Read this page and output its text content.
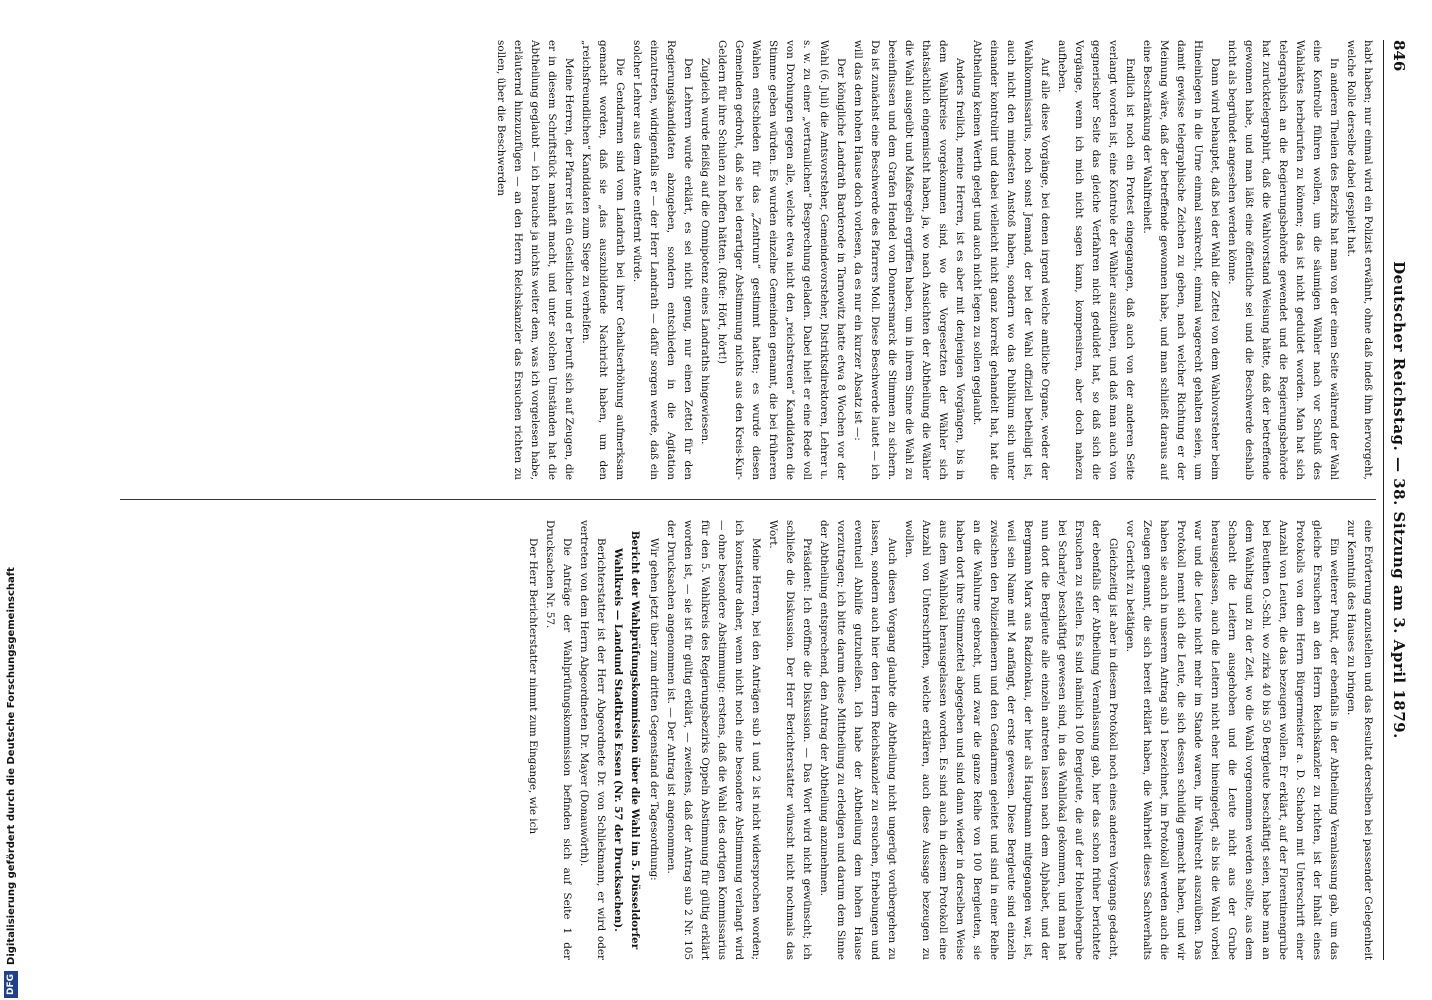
846
Deutscher Reichstag. — 38. Sitzung am 3. April 1879.

habt haben; nur einmal wird ein Polizist erwähnt, ohne daß indeß ihm hervorgeht, welche Rolle derselbe dabei gespielt hat.

In anderen Theilen des Bezirks hat man von der einen Seite während der Wahl eine Kontrolle führen wollen, um die säumigen Wähler nach vor Schluß des Wahlaktes herbeirufen zu können; das ist nicht geduldet worden. Man hat sich telegraphisch an die Regierungsbehörde gewendet und die Regierungsbehörde hat zurücktelegraphirt, daß die Wahlvorstand Weisung hätte, daß der betreffende gewonnen habe, und man läßt eine öffentliche sei und die Beschwerde deshalb nicht als begründet angesehen werden könne.

Dann wird behauptet, daß bei der Wahl die Zettel von dem Wahlvorsteher beim Hineinlegen in die Urne einmal senkrecht, einmal wagerecht gehalten seien, um damit gewisse telegraphische Zeichen zu geben, nach welcher Richtung er der Meinung wäre, daß der betreffende gewonnen habe, und man schließt daraus auf eine Beschränkung der Wahlfreiheit.

Endlich ist noch ein Protest eingegangen, daß auch von der anderen Seite verlangt worden ist, eine Kontrole der Wähler auszuüben, und daß man auch von gegnerischer Seite das gleiche Verfahren nicht geduldet hat, so daß sich die Vorgänge, wenn ich mich nicht sagen kann, kompensiren, aber doch nahezu aufheben.

Auf alle diese Vorgänge, bei denen irgend welche amtliche Organe, weder der Wahlkommissarius, noch sonst Jemand, der bei der Wahl offiziell betheiligt ist, auch nicht den mindesten Anstoß haben, sondern wo das Publikum sich unter einander kontrolirt und dabei vielleicht nicht ganz korrekt gehandelt hat, hat die Abtheilung keinen Werth gelegt und auch nicht legen zu sollen geglaubt.

Anders freilich, meine Herren, ist es aber mit denjenigen Vorgängen, bis in dem Wahlkreise vorgekommen sind, wo die Vorgesetzten der Wähler sich thatsächlich eingemischt haben, ja, wo nach Ansichten der Abtheilung die Wähler die Wahl ausgeübt und Maßregeln ergriffen haben, um in ihrem Sinne die Wahl zu beeinflussen und dem Grafen Hendel von Donnersmarck die Stimmen zu sichern. Da ist zunächst eine Beschwerde des Pfarrers Moll. Diese Beschwerde lautet — ich will das dem hohen Hause doch vorlesen, da es nur ein kurzer Absatz ist —:

Der königliche Landrath Barderode in Tarnowitz hatte etwa 8 Wochen vor der Wahl (6. Juli) die Amtsvorsteher, Gemeindevorsteher, Distriktsdirektoren, Lehrer u. s. w. zu einer „vertraulichen“ Besprechung geladen. Dabei hielt er eine Rede voll von Drohungen gegen alle, welche etwa nicht den „reichstreuen“ Kandidaten die Stimme geben würden. Es wurden einzelne Gemeinden genannt, die bei früheren Wahlen entschieden für das „Zentrum“ gestimmt hatten; es wurde diesen Gemeinden gedroht, daß sie bei derartiger Abstimmung nichts aus den Kreis-Kur-Geldern für ihre Schulen zu hoffen hätten. (Rufe: Hört, hört!)

Zugleich wurde fleißig auf die Omnipotenz eines Landraths hingewiesen.

Den Lehrern wurde erklärt, es sei nicht genug, nur einen Zettel für den Regierungskandidaten abzugeben, sondern entschieden in die Agitation einzutreten, widrigenfalls er — der Herr Landrath — dafür sorgen werde, daß ein solcher Lehrer aus dem Amte entfernt würde.

Die Gendarmen sind vom Landrath bei ihrer Gehaltserhöhung aufmerksam gemacht worden, daß sie „das auszubildende Nachricht haben, um den „reichsfreundlichen“ Kandidaten zum Siege zu verhelfen.

Meine Herren, der Pfarrer ist ein Geistlicher und er beruft sich auf Zeugen, die er in diesem Schriftstück namhaft macht, und unter solchen Umständen hat die Abtheilung geglaubt — ich brauche ja nichts weiter dem, was ich vorgelesen habe, erläuternd hinzuzufügen — an den Herrn Reichskanzler das Ersuchen richten zu sollen, über die Beschwerden

eine Erörterung anzustellen und das Resultat derselben bei passender Gelegenheit zur Kenntniß des Hauses zu bringen.

Ein weiterer Punkt, der ebenfalls in der Abtheilung Veranlassung gab, um das gleiche Ersuchen an den Herrn Reichskanzler zu richten, ist der Inhalt eines Protokolls von dem Herrn Bürgermeister a. D. Schabon mit Unterschrift einer Anzahl von Leuten, die das bezeugen wollen. Er erklärt, auf der Florentinengrube bei Beuthen O.-Schl. wo zirka 40 bis 50 Bergleute beschäftigt seien, habe man an dem Wahltag und zu der Zeit, wo die Wahl vorgenommen werden sollte, aus dem Schacht die Leitern ausgehoben und die Leute nicht aus der Grube herausgelassen, auch die Leitern nicht eher hineingelegt, als bis die Wahl vorbei war und die Leute nicht mehr im Stande waren, ihr Wahlrecht auszuüben. Das Protokoll nennt sich die Leute, die sich dessen schuldig gemacht haben, und wir haben sie auch in unserem Antrag sub 1 bezeichnet, im Protokoll werden auch die Zeugen genannt, die sich bereit erklärt haben, die Wahrheit dieses Sachverhalts vor Gericht zu betätigen.

Gleichzeitig ist aber in diesem Protokoll noch eines anderen Vorgangs gedacht, der ebenfalls der Abtheilung Veranlassung gab, hier das schon früher berichtete Ersuchen zu stellen. Es sind nämlich 100 Bergleute, die auf der Hohenlohegrube bei Scharley beschäftigt gewesen sind, in das Wahllokal gekommen, und man hat nun dort die Bergleute alle einzeln antreten lassen nach dem Alphabet, und der Bergmann Marx aus Radzionkau, der hier als Hauptmann mitgegangen war, ist, weil sein Name mit M anfängt, der erste gewesen. Diese Bergleute sind einzeln zwischen den Polizeidienern und den Gendarmen geleitet und sind in einer Reihe an die Wahlurne gebracht, und zwar die ganze Reihe von 100 Bergleuten, sie haben dort ihre Stimmzettel abgegeben und sind dann wieder in derselben Weise aus dem Wahllokal herausgelassen worden. Es sind auch in diesem Protokoll eine Anzahl von Unterschriften, welche erklären, auch diese Aussage bezeugen zu wollen.

Auch diesen Vorgang glaubte die Abtheilung nicht ungerügt vorübergehen zu lassen, sondern auch hier den Herrn Reichskanzler zu ersuchen, Erhebungen und eventuell Abhilfe gutzuheißen. Ich habe der Abtheilung dem hohen Hause vorzutragen; ich bitte darum diese Mittheilung zu erledigen und darum dem Sinne der Abtheilung entsprechend, den Antrag der Abtheilung anzunehmen.

Präsident: Ich eröffne die Diskussion. — Das Wort wird nicht gewünscht; ich schließe die Diskussion. Der Herr Berichterstatter wünscht nicht nochmals das Wort.

Meine Herren, bei den Anträgen sub 1 und 2 ist nicht widersprochen worden; ich konstatire daher, wenn nicht noch eine besondere Abstimmung verlangt wird — ohne besondere Abstimmung: erstens, daß die Wahl des dortigen Kommissarius für den 5. Wahlkreis des Regierungsbezirks Oppeln Abstimmung für gültig erklärt worden ist, — sie ist für gültig erklärt, — zweitens, daß der Antrag sub 2 Nr. 105 der Drucksachen angenommen ist. — Der Antrag ist angenommen.

Wir gehen jetzt über zum dritten Gegenstand der Tagesordnung:

Bericht der Wahlprüfungskommission über die Wahl im 5. Düsseldorfer Wahlkreis — Landund Stadtkreis Essen (Nr. 57 der Drucksachen).

Berichterstatter ist der Herr Abgeordnete Dr. von Schliekmann, er wird oder vertreten von dem Herrn Abgeordneten Dr. Mayer (Donauwörth).

Die Anträge der Wahlprüfungskommission befinden sich auf Seite 1 der Drucksachen Nr. 57.

Der Herr Berichterstatter nimmt zum Eingange, wie ich

DFGDigitalisierung gefördert durch die Deutsche Forschungsgemeinschaft
